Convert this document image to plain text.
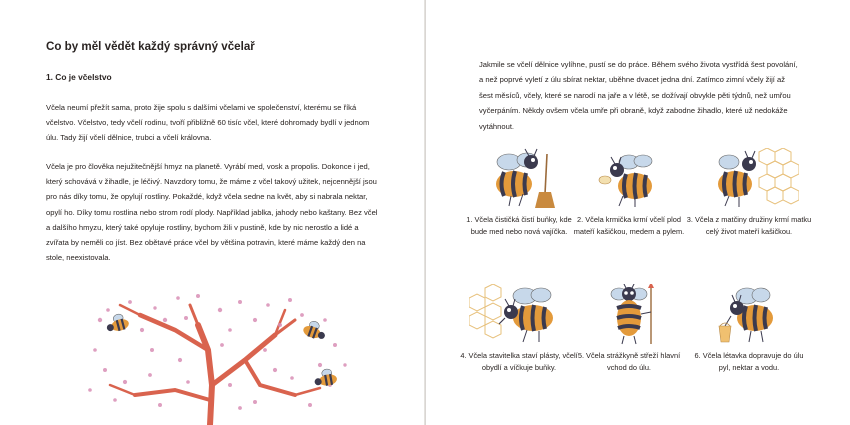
Co by měl vědět každý správný včelař
1. Co je včelstvo

Včela neumí přežít sama, proto žije spolu s dalšími včelami ve společenství, kterému se říká včelstvo. Včelstvo, tedy včelí rodinu, tvoří přibližně 60 tisíc včel, které dohromady bydlí v jednom úlu. Tady žijí včelí dělnice, trubci a včelí královna.

Včela je pro člověka nejužitečnější hmyz na planetě. Vyrábí med, vosk a propolis. Dokonce i jed, který schovává v žihadle, je léčivý. Navzdory tomu, že máme z včel takový užitek, nejcennější jsou pro nás díky tomu, že opylují rostliny. Pokaždé, když včela sedne na květ, aby si nabrala nektar, opylí ho. Díky tomu rostlina nebo strom rodí plody. Například jablka, jahody nebo kaštany. Bez včel a dalšího hmyzu, který také opyluje rostliny, bychom žili v pustině, kde by nic nerostlo a lidé a zvířata by neměli co jíst. Bez obětavé práce včel by většina potravin, které máme každý den na stole, neexistovala.

Jakmile se včelí dělnice vylíhne, pustí se do práce. Během svého života vystřídá šest povolání, a než poprvé vyletí z úlu sbírat nektar, uběhne dvacet jedna dní. Zatímco zimní včely žijí až šest měsíců, včely, které se narodí na jaře a v létě, se dožívají obvykle pěti týdnů, než umřou vyčerpáním. Někdy ovšem včela umře při obraně, když zabodne žihadlo, které už nedokáže vytáhnout.

1. Včela čističká čistí buňky, kde bude med nebo nová vajíčka.
2. Včela krmička krmí včelí plod mateří kašičkou, medem a pylem.
3. Včela z matčiny družiny krmí matku celý život mateří kašičkou.
4. Včela stavitelka staví plásty, včelí obydlí a víčkuje buňky.
5. Včela strážkyně střeží hlavní vchod do úlu.
6. Včela létavka dopravuje do úlu pyl, nektar a vodu.
